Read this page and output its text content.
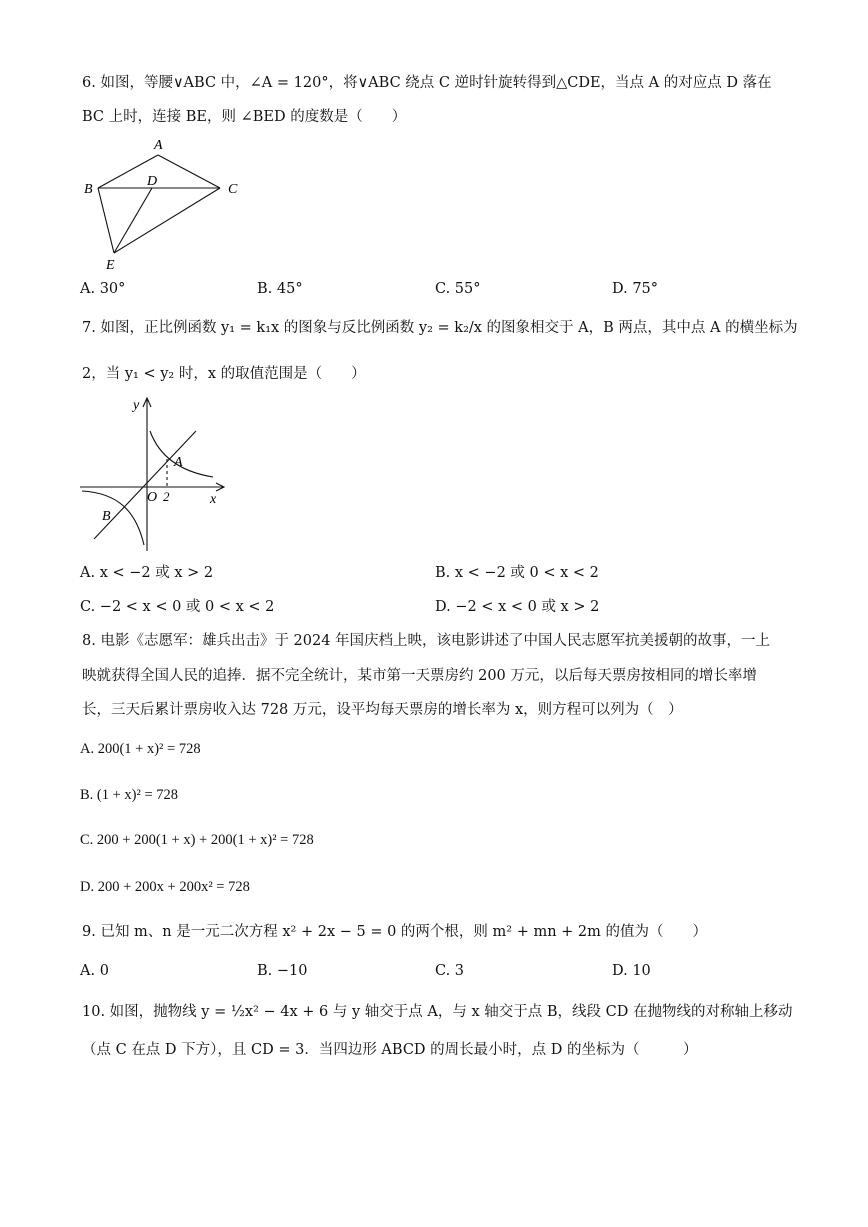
6. 如图，等腰∨ABC 中，∠A = 120°，将∨ABC 绕点 C 逆时针旋转得到△CDE，当点 A 的对应点 D 落在
BC 上时，连接 BE，则 ∠BED 的度数是（　　）
A
B
D
C
E
A. 30°	B. 45°	C. 55°	D. 75°
7. 如图，正比例函数 y₁ = k₁x 的图象与反比例函数 y₂ = k₂/x 的图象相交于 A，B 两点，其中点 A 的横坐标为
2，当 y₁ < y₂ 时，x 的取值范围是（　　）
y
x
O 2
A
B
A. x < −2 或 x > 2	B. x < −2 或 0 < x < 2
C. −2 < x < 0 或 0 < x < 2	D. −2 < x < 0 或 x > 2
8. 电影《志愿军：雄兵出击》于 2024 年国庆档上映，该电影讲述了中国人民志愿军抗美援朝的故事，一上
映就获得全国人民的追捧．据不完全统计，某市第一天票房约 200 万元，以后每天票房按相同的增长率增
长，三天后累计票房收入达 728 万元，设平均每天票房的增长率为 x，则方程可以列为（　）
A. 200(1 + x)² = 728
B. (1 + x)² = 728
C. 200 + 200(1 + x) + 200(1 + x)² = 728
D. 200 + 200x + 200x² = 728
9. 已知 m、n 是一元二次方程 x² + 2x − 5 = 0 的两个根，则 m² + mn + 2m 的值为（　　）
A. 0	B. −10	C. 3	D. 10
10. 如图，抛物线 y = ½x² − 4x + 6 与 y 轴交于点 A，与 x 轴交于点 B，线段 CD 在抛物线的对称轴上移动
（点 C 在点 D 下方），且 CD = 3．当四边形 ABCD 的周长最小时，点 D 的坐标为（　　　）
